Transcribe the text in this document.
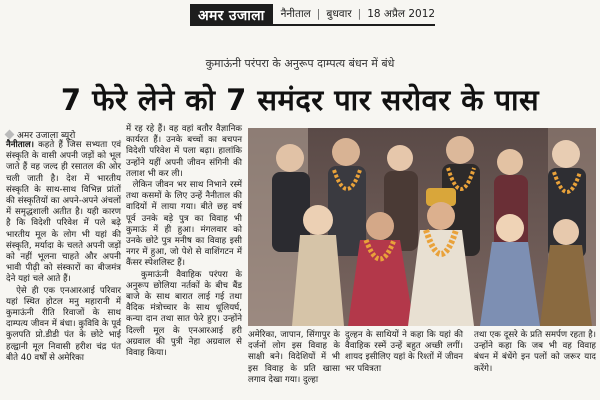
अमर उजाला	नैनीताल | बुधवार | 18 अप्रैल 2012
कुमाऊंनी परंपरा के अनुरूप दाम्पत्य बंधन में बंधे
7 फेरे लेने को 7 समंदर पार सरोवर के पास
अमर उजाला ब्यूरो
नैनीताल। कहते हैं जिस सभ्यता एवं संस्कृति के वासी अपनी जड़ों को भूल जाते हैं वह जल्द ही रसातल की ओर चली जाती है। देश में भारतीय संस्कृति के साथ-साथ विभिन्न प्रांतों की संस्कृतियों का अपने-अपने अंचलों में समृद्धशाली अतीत है। यही कारण है कि विदेशी परिवेश में पले बढ़े भारतीय मूल के लोग भी यहां की संस्कृति, मर्यादा के चलते अपनी जड़ों को नहीं भूलना चाहते और अपनी भावी पीढ़ी को संस्कारों का बीजमंत्र देने यहां चले आते हैं।
ऐसे ही एक एनआरआई परिवार यहां स्थित होटल मनु महारानी में कुमाऊंनी रीति रिवाजों के साथ दाम्पत्य जीवन में बंधा। कुविवि के पूर्व कुलपति प्रो.डीडी पंत के छोटे भाई हल्द्वानी मूल निवासी हरीश चंद्र पंत बीते 40 वर्षों से अमेरिका
में रह रहे हैं। वह वहां बतौर वैज्ञानिक कार्यरत हैं। उनके बच्चों का बचपन विदेशी परिवेश में पला बढ़ा। हालांकि उन्होंने यहीं अपनी जीवन संगिनी की तलाश भी कर ली।
लेकिन जीवन भर साथ निभाने रस्में तथा कसमों के लिए उन्हें नैनीताल की वादियों में लाया गया। बीते छह वर्ष पूर्व उनके बड़े पुत्र का विवाह भी कुमाऊं में ही हुआ। मंगलवार को उनके छोटे पुत्र मनीष का विवाह इसी नगर में हुआ, जो पेशे से वाशिंगटन में कैंसर स्पेशलिस्ट हैं।
कुमाऊंनी वैवाहिक परंपरा के अनुरूप छोलिया नर्तकों के बीच बैंड बाजे के साथ बारात लाई गई तथा वैदिक मंत्रोच्चार के साथ धूलियर्घ, कन्या दान तथा सात फेरे हुए। उन्होंने दिल्ली मूल के एनआरआई हरी अग्रवाल की पुत्री नेहा अग्रवाल से विवाह किया।
अमेरिका, जापान, सिंगापुर के दर्जनों लोग इस विवाह के साक्षी बने। विदेशियों में भी इस विवाह के प्रति खासा लगाव देखा गया। दुल्हा
दुल्हन के साथियों ने कहा कि यहां की वैवाहिक रस्में उन्हें बहुत अच्छी लगीं। शायद इसीलिए यहां के रिश्तों में जीवन भर पवित्रता
तथा एक दूसरे के प्रति समर्पण रहता है। उन्होंने कहा कि जब भी वह विवाह बंधन में बंधेंगे इन पलों को जरूर याद करेंगे।
